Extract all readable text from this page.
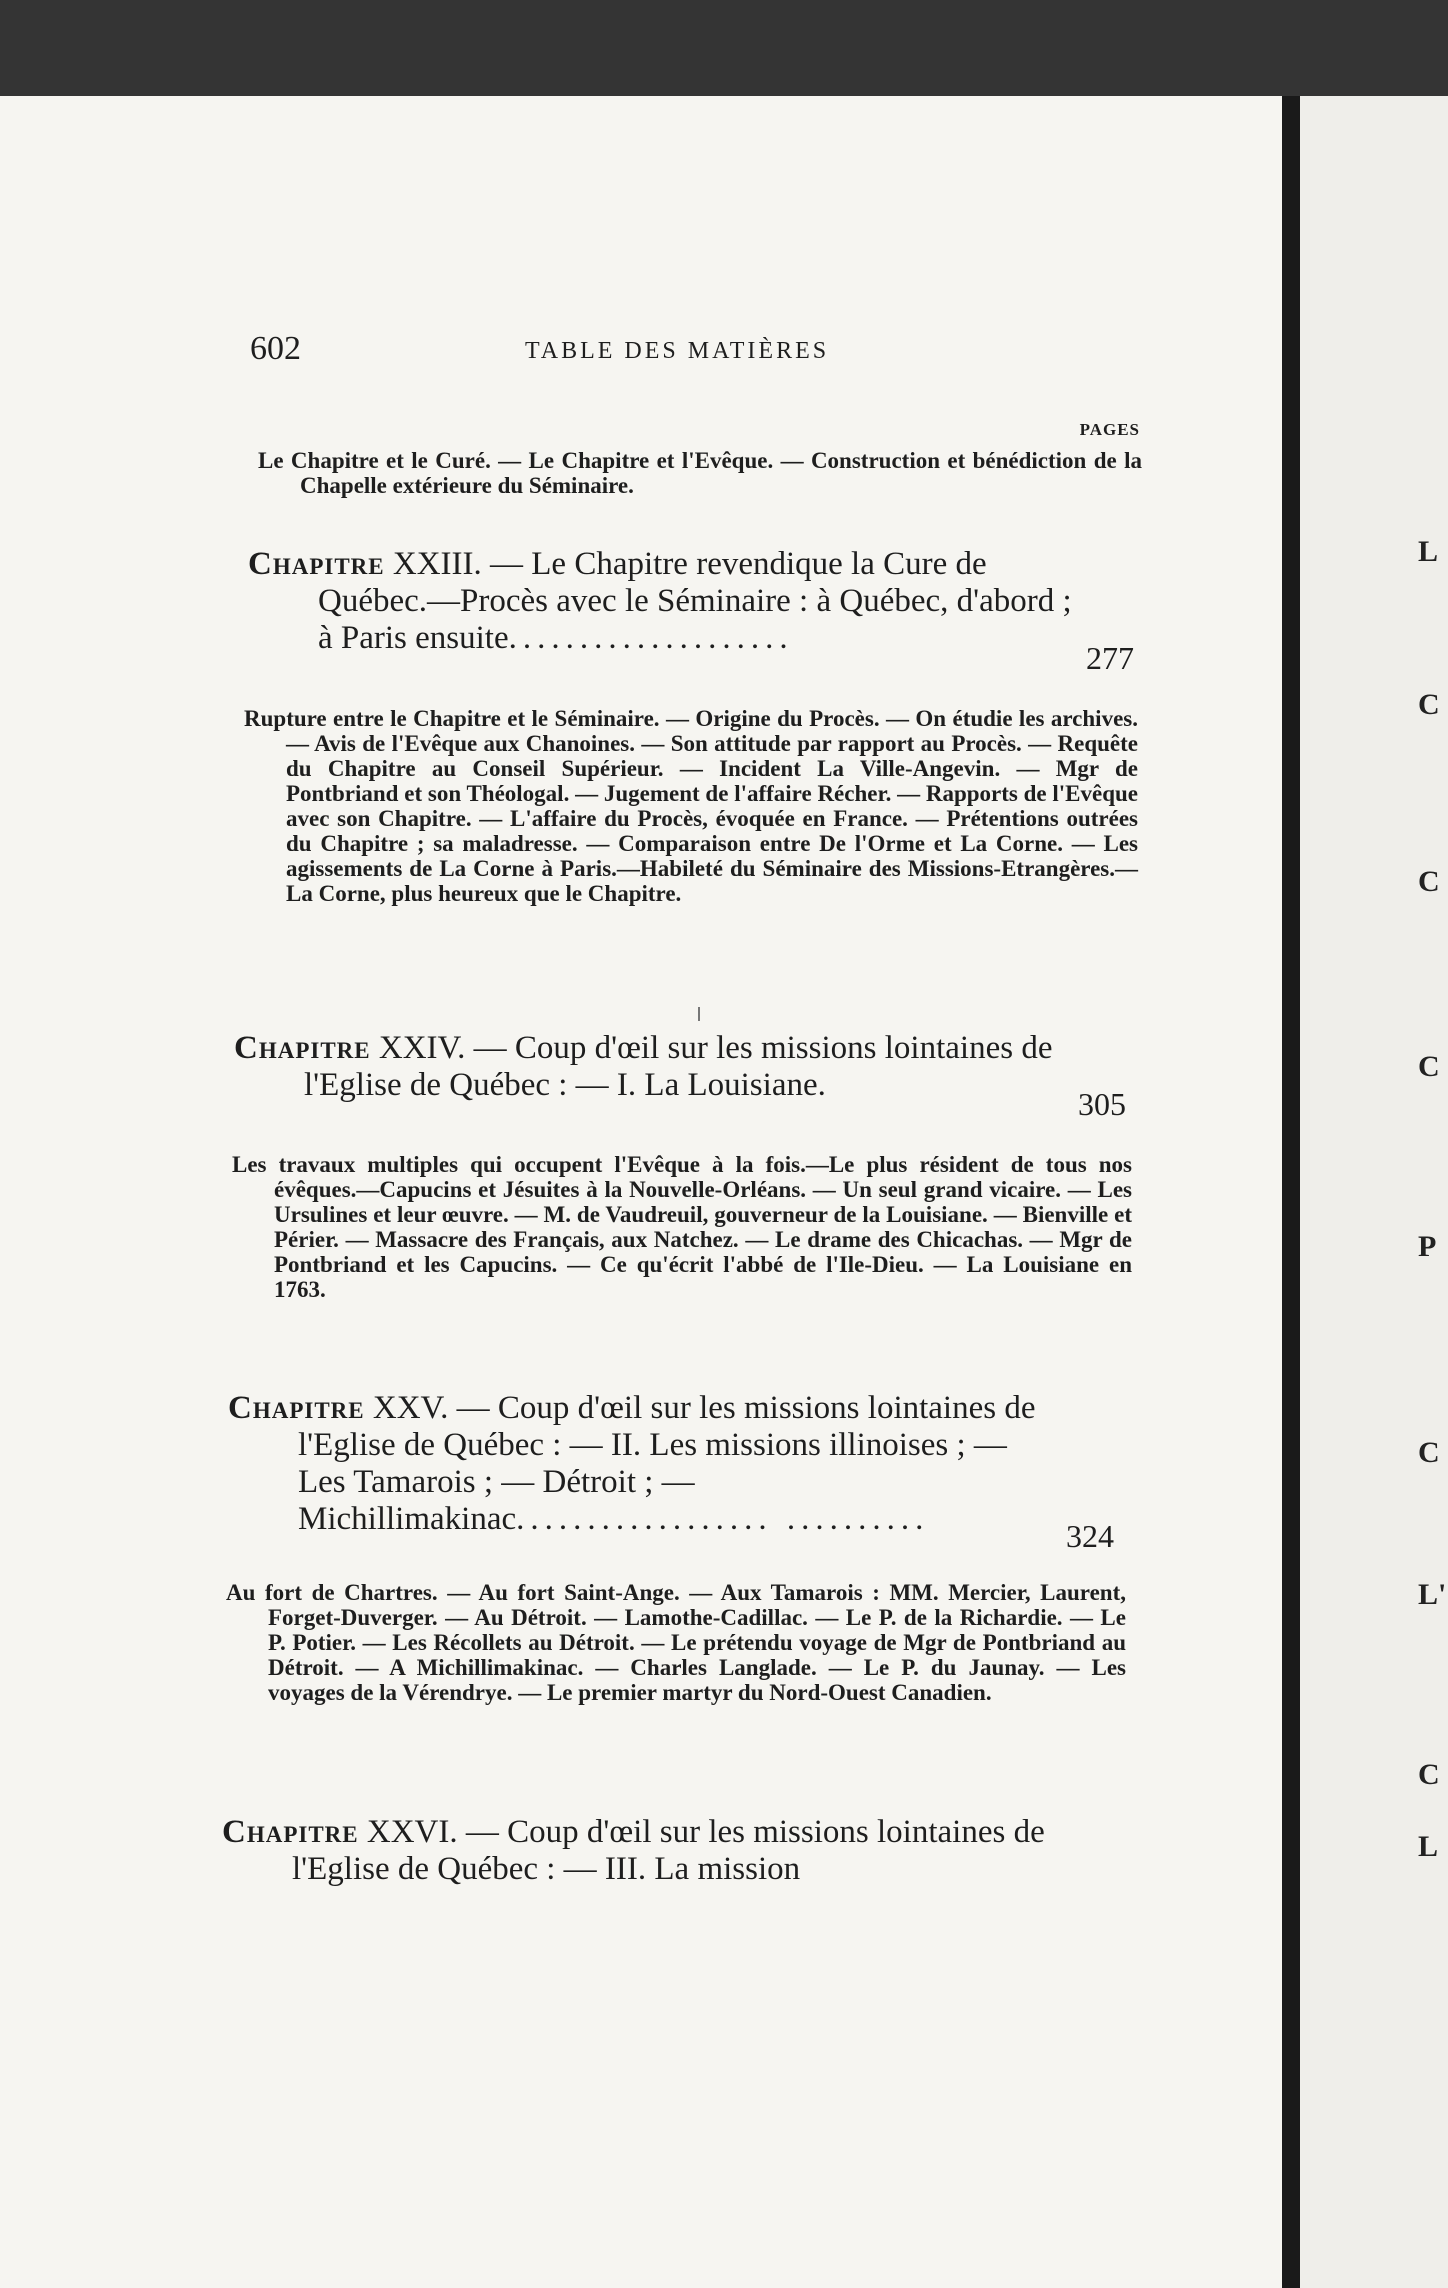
L
C
C
C
P
C
L'
C
L
602	TABLE DES MATIÈRES
PAGES

Le Chapitre et le Curé. — Le Chapitre et l'Evêque. — Construction et bénédiction de la Chapelle extérieure du Séminaire.

Chapitre XXIII. — Le Chapitre revendique la Cure de Québec.—Procès avec le Séminaire : à Québec, d'abord ; à Paris ensuite....................

277

Rupture entre le Chapitre et le Séminaire. — Origine du Procès. — On étudie les archives. — Avis de l'Evêque aux Chanoines. — Son attitude par rapport au Procès. — Requête du Chapitre au Conseil Supérieur. — Incident La Ville-Angevin. — Mgr de Pontbriand et son Théologal. — Jugement de l'affaire Récher. — Rapports de l'Evêque avec son Chapitre. — L'affaire du Procès, évoquée en France. — Prétentions outrées du Chapitre ; sa maladresse. — Comparaison entre De l'Orme et La Corne. — Les agissements de La Corne à Paris.—Habileté du Séminaire des Missions-Etrangères.— La Corne, plus heureux que le Chapitre.

Chapitre XXIV. — Coup d'œil sur les missions lointaines de l'Eglise de Québec : — I. La Louisiane.

305

Les travaux multiples qui occupent l'Evêque à la fois.—Le plus résident de tous nos évêques.—Capucins et Jésuites à la Nouvelle-Orléans. — Un seul grand vicaire. — Les Ursulines et leur œuvre. — M. de Vaudreuil, gouverneur de la Louisiane. — Bienville et Périer. — Massacre des Français, aux Natchez. — Le drame des Chicachas. — Mgr de Pontbriand et les Capucins. — Ce qu'écrit l'abbé de l'Ile-Dieu. — La Louisiane en 1763.

Chapitre XXV. — Coup d'œil sur les missions lointaines de l'Eglise de Québec : — II. Les missions illinoises ; — Les Tamarois ; — Détroit ; — Michillimakinac.................. ..........	324

Au fort de Chartres. — Au fort Saint-Ange. — Aux Tamarois : MM. Mercier, Laurent, Forget-Duverger. — Au Détroit. — Lamothe-Cadillac. — Le P. de la Richardie. — Le P. Potier. — Les Récollets au Détroit. — Le prétendu voyage de Mgr de Pontbriand au Détroit. — A Michillimakinac. — Charles Langlade. — Le P. du Jaunay. — Les voyages de la Vérendrye. — Le premier martyr du Nord-Ouest Canadien.

Chapitre XXVI. — Coup d'œil sur les missions lointaines de l'Eglise de Québec : — III. La mission
